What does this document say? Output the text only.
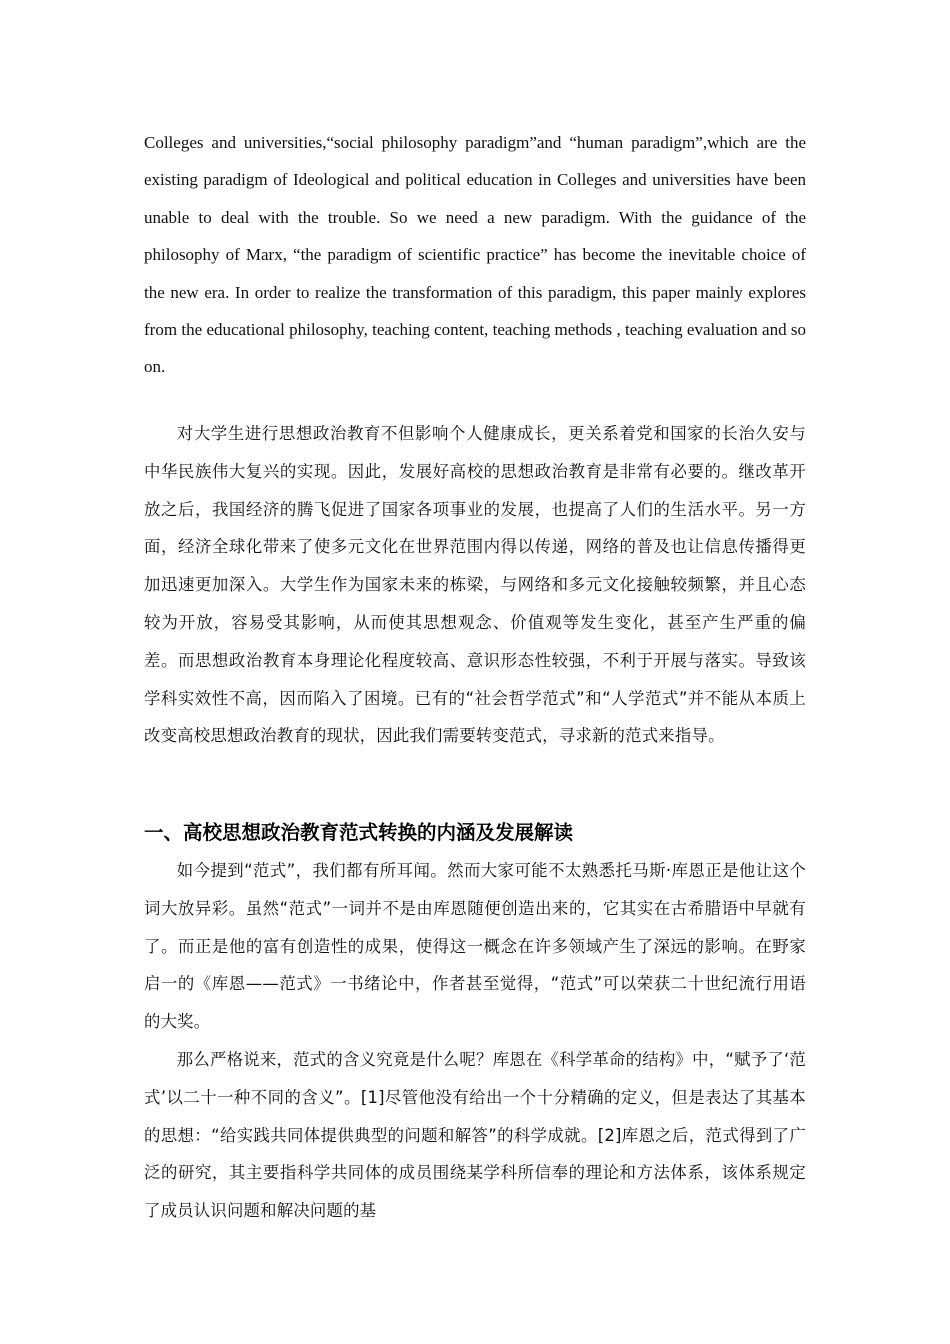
Colleges and universities,“social philosophy paradigm”and “human paradigm”,which are the existing paradigm of Ideological and political education in Colleges and universities have been unable to deal with the trouble. So we need a new paradigm. With the guidance of the philosophy of Marx, “the paradigm of scientific practice” has become the inevitable choice of the new era. In order to realize the transformation of this paradigm, this paper mainly explores from the educational philosophy, teaching content, teaching methods , teaching evaluation and so on.

对大学生进行思想政治教育不但影响个人健康成长，更关系着党和国家的长治久安与中华民族伟大复兴的实现。因此，发展好高校的思想政治教育是非常有必要的。继改革开放之后，我国经济的腾飞促进了国家各项事业的发展，也提高了人们的生活水平。另一方面，经济全球化带来了使多元文化在世界范围内得以传递，网络的普及也让信息传播得更加迅速更加深入。大学生作为国家未来的栋梁，与网络和多元文化接触较频繁，并且心态较为开放，容易受其影响，从而使其思想观念、价值观等发生变化，甚至产生严重的偏差。而思想政治教育本身理论化程度较高、意识形态性较强，不利于开展与落实。导致该学科实效性不高，因而陷入了困境。已有的“社会哲学范式”和“人学范式”并不能从本质上改变高校思想政治教育的现状，因此我们需要转变范式，寻求新的范式来指导。

一、高校思想政治教育范式转换的内涵及发展解读

如今提到“范式”，我们都有所耳闻。然而大家可能不太熟悉托马斯·库恩正是他让这个词大放异彩。虽然“范式”一词并不是由库恩随便创造出来的，它其实在古希腊语中早就有了。而正是他的富有创造性的成果，使得这一概念在许多领域产生了深远的影响。在野家启一的《库恩——范式》一书绪论中，作者甚至觉得，“范式”可以荣获二十世纪流行用语的大奖。

那么严格说来，范式的含义究竟是什么呢？库恩在《科学革命的结构》中，“赋予了‘范式’以二十一种不同的含义”。[1]尽管他没有给出一个十分精确的定义，但是表达了其基本的思想：“给实践共同体提供典型的问题和解答”的科学成就。[2]库恩之后，范式得到了广泛的研究，其主要指科学共同体的成员围绕某学科所信奉的理论和方法体系，该体系规定了成员认识问题和解决问题的基
